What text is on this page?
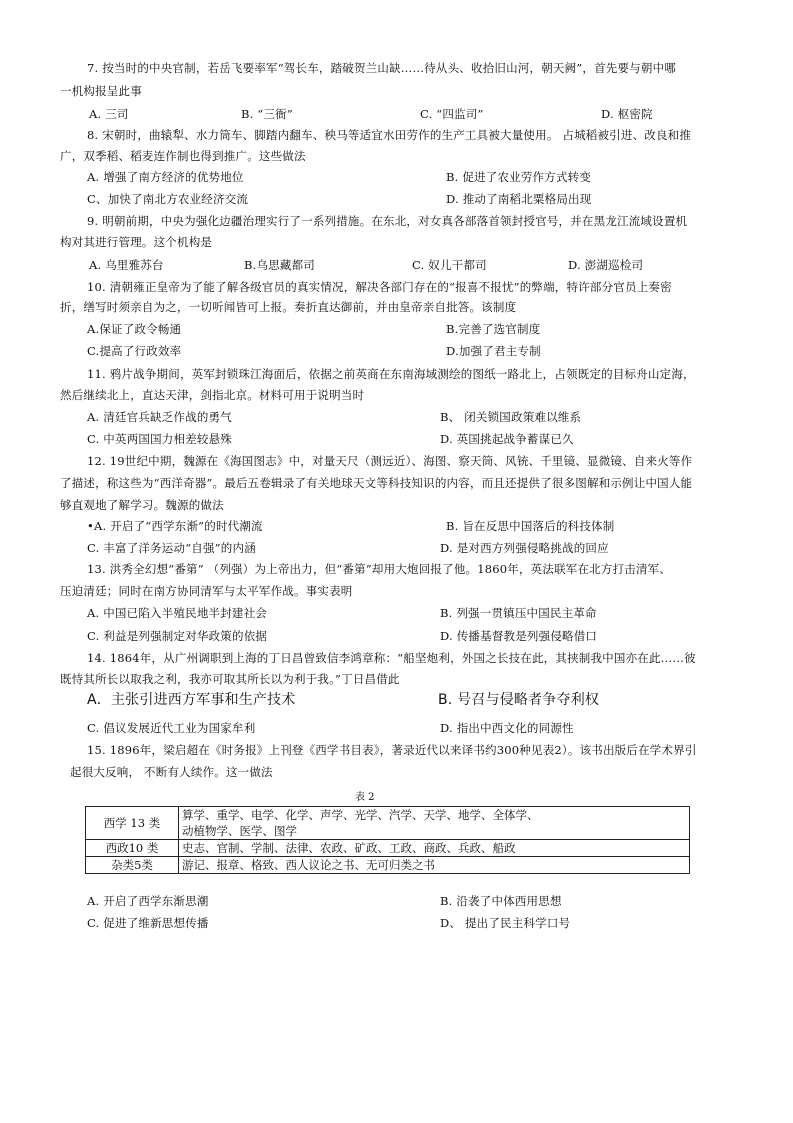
7. 按当时的中央官制，若岳飞要率军“驾长车，踏破贺兰山缺……待从头、收拾旧山河，朝天阙”，首先要与朝中哪
一机构报呈此事
A. 三司	B. “三衙”	C. “四监司”	D. 枢密院
8. 宋朝时，曲辕犁、水力筒车、脚踏内翻车、秧马等适宜水田劳作的生产工具被大量使用。 占城稻被引进、改良和推
广，双季稻、稻麦连作制也得到推广。这些做法
A. 增强了南方经济的优势地位	B. 促进了农业劳作方式转变
C、加快了南北方农业经济交流	D. 推动了南稻北粟格局出现
9. 明朝前期，中央为强化边疆治理实行了一系列措施。在东北，对女真各部落首领封授官号，并在黑龙江流域设置机
构对其进行管理。这个机构是
A. 乌里雅苏台	B.乌思藏都司	C. 奴儿干都司	D. 澎湖巡检司
10. 清朝雍正皇帝为了能了解各级官员的真实情况，解决各部门存在的“报喜不报忧”的弊端，特许部分官员上奏密
折，缮写时须亲自为之，一切听闻皆可上报。奏折直达御前，并由皇帝亲自批答。该制度
A.保证了政令畅通	B.完善了选官制度
C.提高了行政效率	D.加强了君主专制
11. 鸦片战争期间，英军封锁珠江海面后，依据之前英商在东南海域测绘的图纸一路北上，占领既定的目标舟山定海，
然后继续北上，直达天津，剑指北京。材料可用于说明当时
A. 清廷官兵缺乏作战的勇气	B、 闭关锁国政策难以维系
C. 中英两国国力相差较悬殊	D. 英国挑起战争蓄谋已久
12. 19世纪中期，魏源在《海国图志》中，对量天尺（测远近）、海图、察天筒、风铳、千里镜、显微镜、自来火等作
了描述，称这些为“西洋奇器”。最后五卷辑录了有关地球天文等科技知识的内容，而且还提供了很多图解和示例让中国人能
够直观地了解学习。魏源的做法
•A. 开启了“西学东渐”的时代潮流	B. 旨在反思中国落后的科技体制
C. 丰富了洋务运动“自强”的内涵	D. 是对西方列强侵略挑战的回应
13. 洪秀全幻想“番第” （列强）为上帝出力，但“番第”却用大炮回报了他。1860年，英法联军在北方打击清军、
压迫清廷；同时在南方协同清军与太平军作战。事实表明
A. 中国已陷入半殖民地半封建社会	B. 列强一贯镇压中国民主革命
C. 利益是列强制定对华政策的依据	D. 传播基督教是列强侵略借口
14. 1864年，从广州调职到上海的丁日昌曾致信李鸿章称：“船坚炮利，外国之长技在此，其挟制我中国亦在此……彼
既恃其所长以取我之利，我亦可取其所长以为利于我。”丁日昌借此
A．主张引进西方军事和生产技术	B. 号召与侵略者争夺利权
C. 倡议发展近代工业为国家牟利	D. 指出中西文化的同源性
15. 1896年，梁启超在《时务报》上刊登《西学书目表》，著录近代以来译书约300种见表2）。该书出版后在学术界引
起很大反响， 不断有人续作。这一做法
表 2
西学 13 类	算学、重学、电学、化学、声学、光学、汽学、天学、地学、全体学、
动植物学、医学、图学

西政10 类	史志、官制、学制、法律、农政、矿政、工政、商政、兵政、船政
杂类5类	游记、报章、格致、西人议论之书、无可归类之书
A. 开启了西学东渐思潮	B. 沿袭了中体西用思想
C. 促进了维新思想传播	D、 提出了民主科学口号
